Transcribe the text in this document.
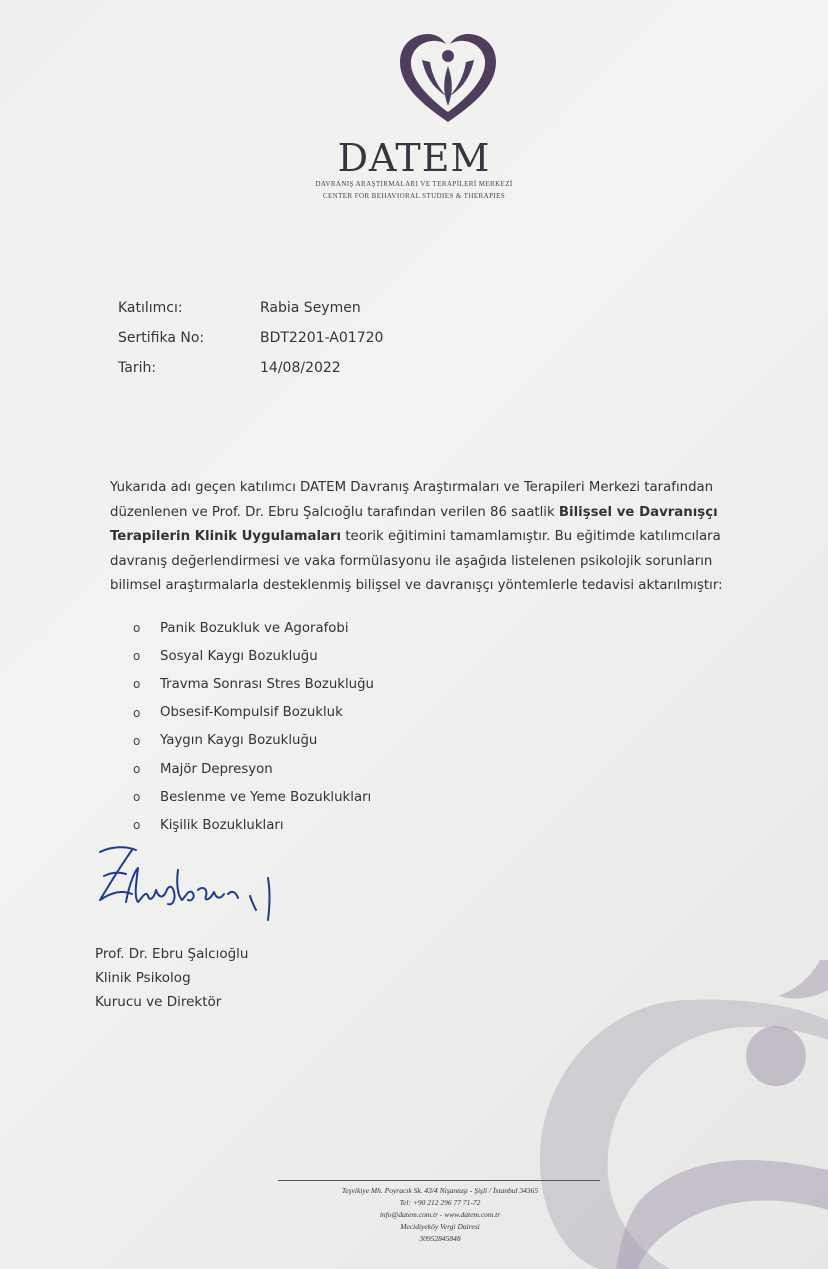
DATEM
DAVRANIŞ ARAŞTIRMALARI VE TERAPİLERİ MERKEZİ
CENTER FOR BEHAVIORAL STUDIES & THERAPIES
Katılımcı:	Rabia Seymen
Sertifika No:	BDT2201-A01720
Tarih:	14/08/2022
Yukarıda adı geçen katılımcı DATEM Davranış Araştırmaları ve Terapileri Merkezi tarafından düzenlenen ve Prof. Dr. Ebru Şalcıoğlu tarafından verilen 86 saatlik Bilişsel ve Davranışçı Terapilerin Klinik Uygulamaları teorik eğitimini tamamlamıştır. Bu eğitimde katılımcılara davranış değerlendirmesi ve vaka formülasyonu ile aşağıda listelenen psikolojik sorunların bilimsel araştırmalarla desteklenmiş bilişsel ve davranışçı yöntemlerle tedavisi aktarılmıştır:
o	Panik Bozukluk ve Agorafobi
o	Sosyal Kaygı Bozukluğu
o	Travma Sonrası Stres Bozukluğu
o	Obsesif-Kompulsif Bozukluk
o	Yaygın Kaygı Bozukluğu
o	Majör Depresyon
o	Beslenme ve Yeme Bozuklukları
o	Kişilik Bozuklukları
Prof. Dr. Ebru Şalcıoğlu
Klinik Psikolog
Kurucu ve Direktör
Teşvikiye Mh. Poyracık Sk. 43/4 Nişantaşı - Şişli / İstanbul 34365
Tel: +90 212 296 77 71-72
info@datem.com.tr - www.datem.com.tr
Mecidiyeköy Vergi Dairesi
3095284584​8
